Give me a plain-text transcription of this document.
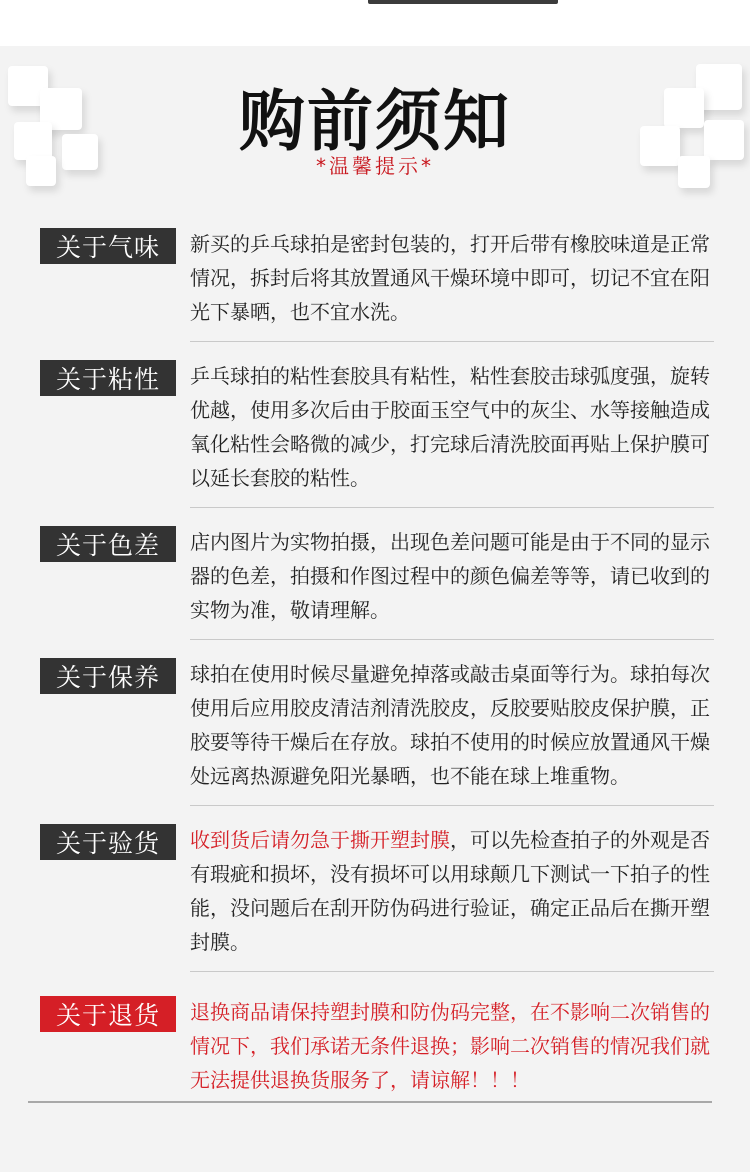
购前须知
*温馨提示*
关于气味	新买的乒乓球拍是密封包装的，打开后带有橡胶味道是正常情况，拆封后将其放置通风干燥环境中即可，切记不宜在阳光下暴晒，也不宜水洗。
关于粘性	乒乓球拍的粘性套胶具有粘性，粘性套胶击球弧度强，旋转优越，使用多次后由于胶面玉空气中的灰尘、水等接触造成氧化粘性会略微的减少，打完球后清洗胶面再贴上保护膜可以延长套胶的粘性。
关于色差	店内图片为实物拍摄，出现色差问题可能是由于不同的显示器的色差，拍摄和作图过程中的颜色偏差等等，请已收到的实物为准，敬请理解。
关于保养	球拍在使用时候尽量避免掉落或敲击桌面等行为。球拍每次使用后应用胶皮清洁剂清洗胶皮，反胶要贴胶皮保护膜，正胶要等待干燥后在存放。球拍不使用的时候应放置通风干燥处远离热源避免阳光暴晒，也不能在球上堆重物。
关于验货	收到货后请勿急于撕开塑封膜，可以先检查拍子的外观是否有瑕疵和损坏，没有损坏可以用球颠几下测试一下拍子的性能，没问题后在刮开防伪码进行验证，确定正品后在撕开塑封膜。
关于退货	退换商品请保持塑封膜和防伪码完整，在不影响二次销售的情况下，我们承诺无条件退换；影响二次销售的情况我们就无法提供退换货服务了，请谅解！！！
